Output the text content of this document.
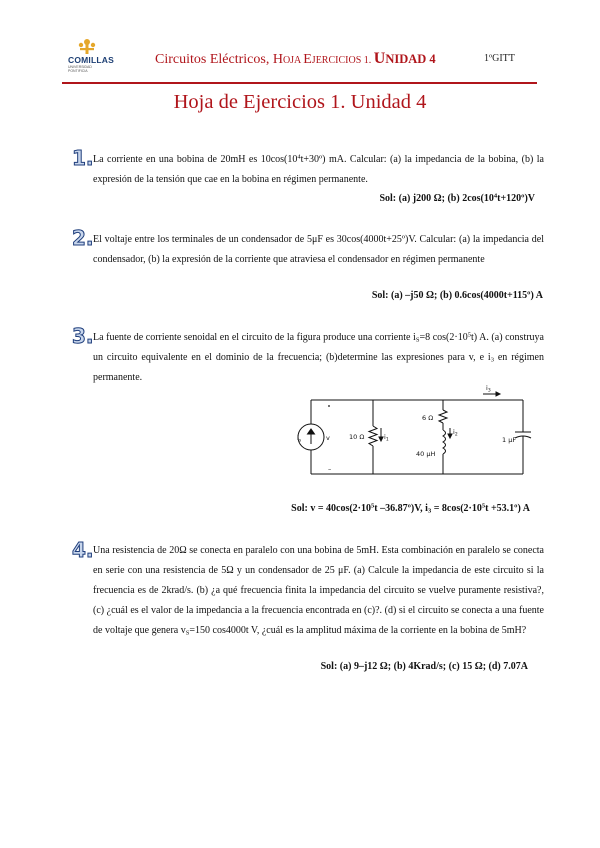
COMILLAS
UNIVERSIDAD PONTIFICIA
Circuitos Eléctricos, HOJA EJERCICIOS 1. UNIDAD 4	1ºGITT
Hoja de Ejercicios 1. Unidad 4
1. La corriente en una bobina de 20mH es $10\cos(10^4t+30º)$ mA. Calcular: (a) la impedancia de la bobina, (b) la expresión de la tensión que cae en la bobina en régimen permanente.
Sol: (a) j200 Ω; (b) $2\cos(10^4t+120º)V$
2. El voltaje entre los terminales de un condensador de 5μF es 30cos(4000t+25º)V. Calcular: (a) la impedancia del condensador, (b) la expresión de la corriente que atraviesa el condensador en régimen permanente
Sol: (a) –j50 Ω; (b) 0.6cos(4000t+115º) A
3. La fuente de corriente senoidal en el circuito de la figura produce una corriente $i_S=8$ $\cos(2\cdot 10^5t)$ A. (a) construya un circuito equivalente en el dominio de la frecuencia; (b)determine las expresiones para v, e $i_3$ en régimen permanente.
$i_s$	v
–
10 Ω	$i_1$
6 Ω
$i_2$
40 μH
$i_3$
1 μF
Sol: $v = 40\cos(2\cdot 10^5t$ –36.87º)V, $i_3 = 8\cos(2\cdot 10^5t$ +53.1º) A
4. Una resistencia de 20Ω se conecta en paralelo con una bobina de 5mH. Esta combinación en paralelo se conecta en serie con una resistencia de 5Ω y un condensador de 25 μF. (a) Calcule la impedancia de este circuito si la frecuencia es de 2krad/s. (b) ¿a qué frecuencia finita la impedancia del circuito se vuelve puramente resistiva?, (c) ¿cuál es el valor de la impedancia a la frecuencia encontrada en (c)?. (d) si el circuito se conecta a una fuente de voltaje que genera $v_S=150$ cos4000t V, ¿cuál es la amplitud máxima de la corriente en la bobina de 5mH?
Sol: (a) 9–j12 Ω; (b) 4Krad/s; (c) 15 Ω; (d) 7.07A
